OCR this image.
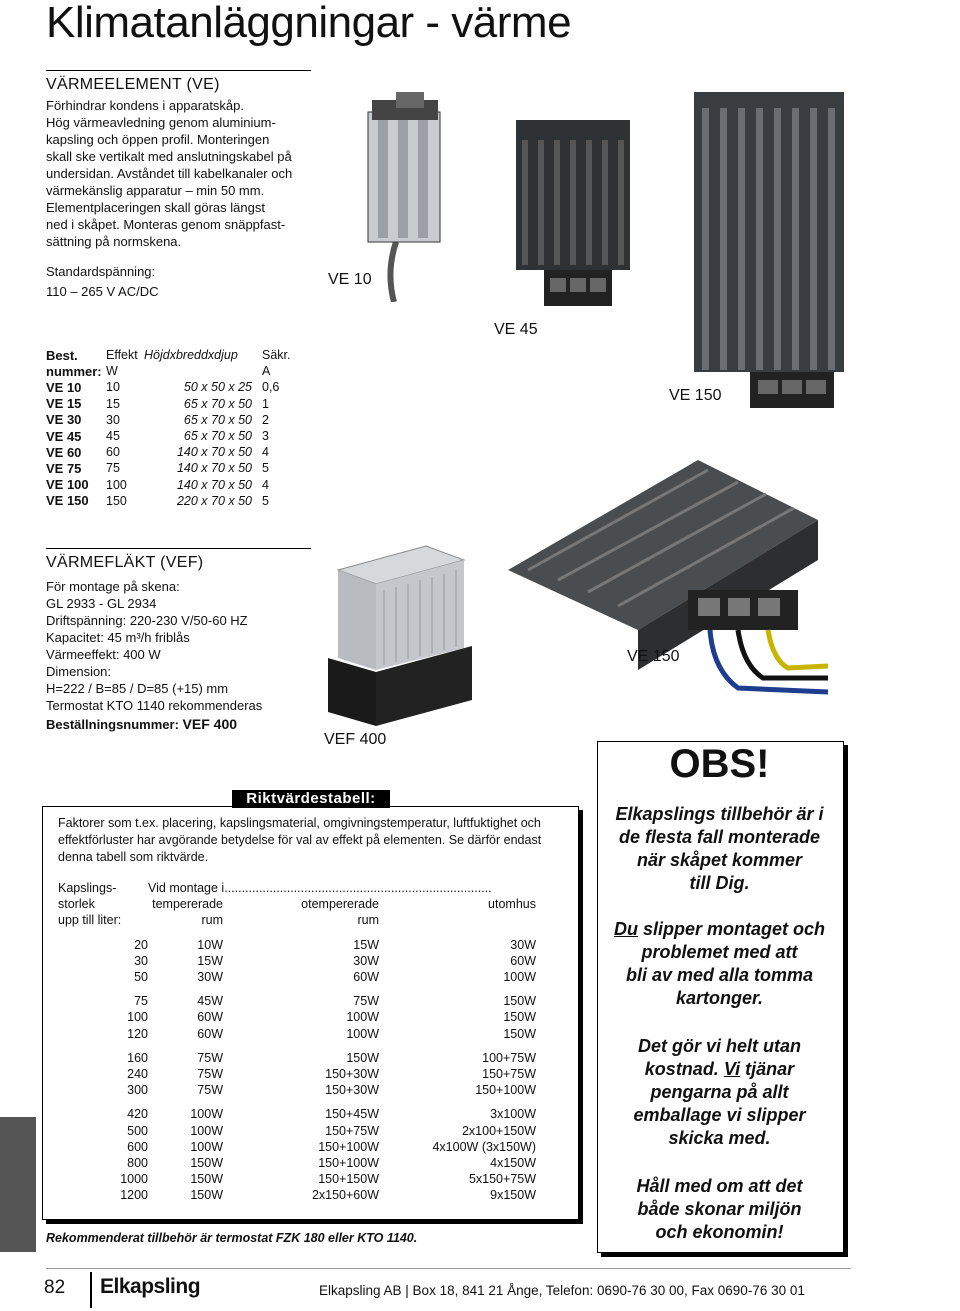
Klimatanläggningar - värme
VÄRMEELEMENT (VE)
Förhindrar kondens i apparatskåp.
Hög värmeavledning genom aluminium-
kapsling och öppen profil. Monteringen
skall ske vertikalt med anslutningskabel på
undersidan. Avståndet till kabelkanaler och
värmekänslig apparatur – min 50 mm.
Elementplaceringen skall göras längst
ned i skåpet. Monteras genom snäppfast-
sättning på normskena.
Standardspänning:
110 – 265 V AC/DC
Best.	Effekt	Höjdxbreddxdjup	Säkr.
nummer:	W		A
VE 10	10	50 x 50 x 25	0,6
VE 15	15	65 x 70 x 50	1
VE 30	30	65 x 70 x 50	2
VE 45	45	65 x 70 x 50	3
VE 60	60	140 x 70 x 50	4
VE 75	75	140 x 70 x 50	5
VE 100	100	140 x 70 x 50	4
VE 150	150	220 x 70 x 50	5
VE 10
VE 45
VE 150
VE 150
VEF 400
VÄRMEFLÄKT (VEF)
För montage på skena:
GL 2933 - GL 2934
Driftspänning: 220-230 V/50-60 HZ
Kapacitet: 45 m³/h friblås
Värmeeffekt: 400 W
Dimension:
H=222 / B=85 / D=85 (+15) mm
Termostat KTO 1140 rekommenderas
Beställningsnummer: VEF 400
Riktvärdestabell:
Faktorer som t.ex. placering, kapslingsmaterial, omgivningstemperatur, luftfuktighet och
effektförluster har avgörande betydelse för val av effekt på elementen. Se därför endast
denna tabell som riktvärde.
Kapslings-	Vid montage i.............................................................................		
storlek	tempererade	otempererade	utomhus
upp till liter:	rum	rum	

20	10W	15W	30W
30	15W	30W	60W
50	30W	60W	100W

75	45W	75W	150W
100	60W	100W	150W
120	60W	100W	150W

160	75W	150W	100+75W
240	75W	150+30W	150+75W
300	75W	150+30W	150+100W

420	100W	150+45W	3x100W
500	100W	150+75W	2x100+150W
600	100W	150+100W	4x100W (3x150W)
800	150W	150+100W	4x150W
1000	150W	150+150W	5x150+75W
1200	150W	2x150+60W	9x150W
Rekommenderat tillbehör är termostat FZK 180 eller KTO 1140.
OBS!
Elkapslings tillbehör är i
de flesta fall monterade
när skåpet kommer
till Dig.
Du slipper montaget och
problemet med att
bli av med alla tomma
kartonger.
Det gör vi helt utan
kostnad. Vi tjänar
pengarna på allt
emballage vi slipper
skicka med.
Håll med om att det
både skonar miljön
och ekonomin!
82 Elkapsling	Elkapsling AB | Box 18, 841 21 Ånge, Telefon: 0690-76 30 00, Fax 0690-76 30 01
